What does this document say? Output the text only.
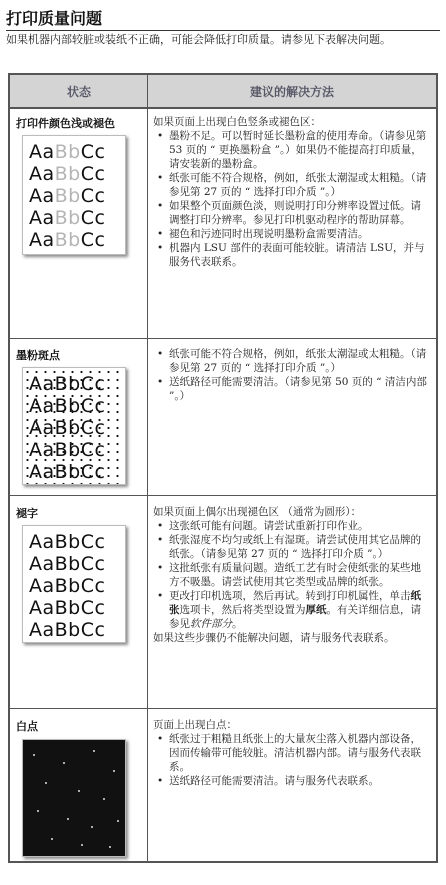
打印质量问题
如果机器内部较脏或装纸不正确，可能会降低打印质量。请参见下表解决问题。
状态	建议的解决方法
打印件颜色浅或褪色
AaBbCc
AaBbCc
AaBbCc
AaBbCc
AaBbCc
如果页面上出现白色竖条或褪色区：
• 墨粉不足。可以暂时延长墨粉盒的使用寿命。（请参见第 53 页的 “ 更换墨粉盒 ”。）如果仍不能提高打印质量，请安装新的墨粉盒。
• 纸张可能不符合规格，例如，纸张太潮湿或太粗糙。（请参见第 27 页的 “ 选择打印介质 ”。）
• 如果整个页面颜色淡，则说明打印分辨率设置过低。请调整打印分辨率。参见打印机驱动程序的帮助屏幕。
• 褪色和污迹同时出现说明墨粉盒需要清洁。
• 机器内 LSU 部件的表面可能较脏。请清洁 LSU，并与服务代表联系。
墨粉斑点
AaBbCc
AaBbCc
AaBbCc
AaBbCc
AaBbCc
• 纸张可能不符合规格，例如，纸张太潮湿或太粗糙。（请参见第 27 页的 “ 选择打印介质 ”。）
• 送纸路径可能需要清洁。（请参见第 50 页的 “ 清洁内部 ”。）
褪字
AaBbCc
AaBbCc
AaBbCc
AaBbCc
AaBbCc
如果页面上偶尔出现褪色区 （通常为圆形）：
• 这张纸可能有问题。请尝试重新打印作业。
• 纸张湿度不均匀或纸上有湿斑。请尝试使用其它品牌的纸张。（请参见第 27 页的 “ 选择打印介质 ”。）
• 这批纸张有质量问题。造纸工艺有时会使纸张的某些地方不吸墨。请尝试使用其它类型或品牌的纸张。
• 更改打印机选项，然后再试。转到打印机属性，单击纸张选项卡，然后将类型设置为厚纸。有关详细信息，请参见软件部分。
如果这些步骤仍不能解决问题，请与服务代表联系。
白点	页面上出现白点：
• 纸张过于粗糙且纸张上的大量灰尘落入机器内部设备，因而传输带可能较脏。清洁机器内部。请与服务代表联系。
• 送纸路径可能需要清洁。请与服务代表联系。
